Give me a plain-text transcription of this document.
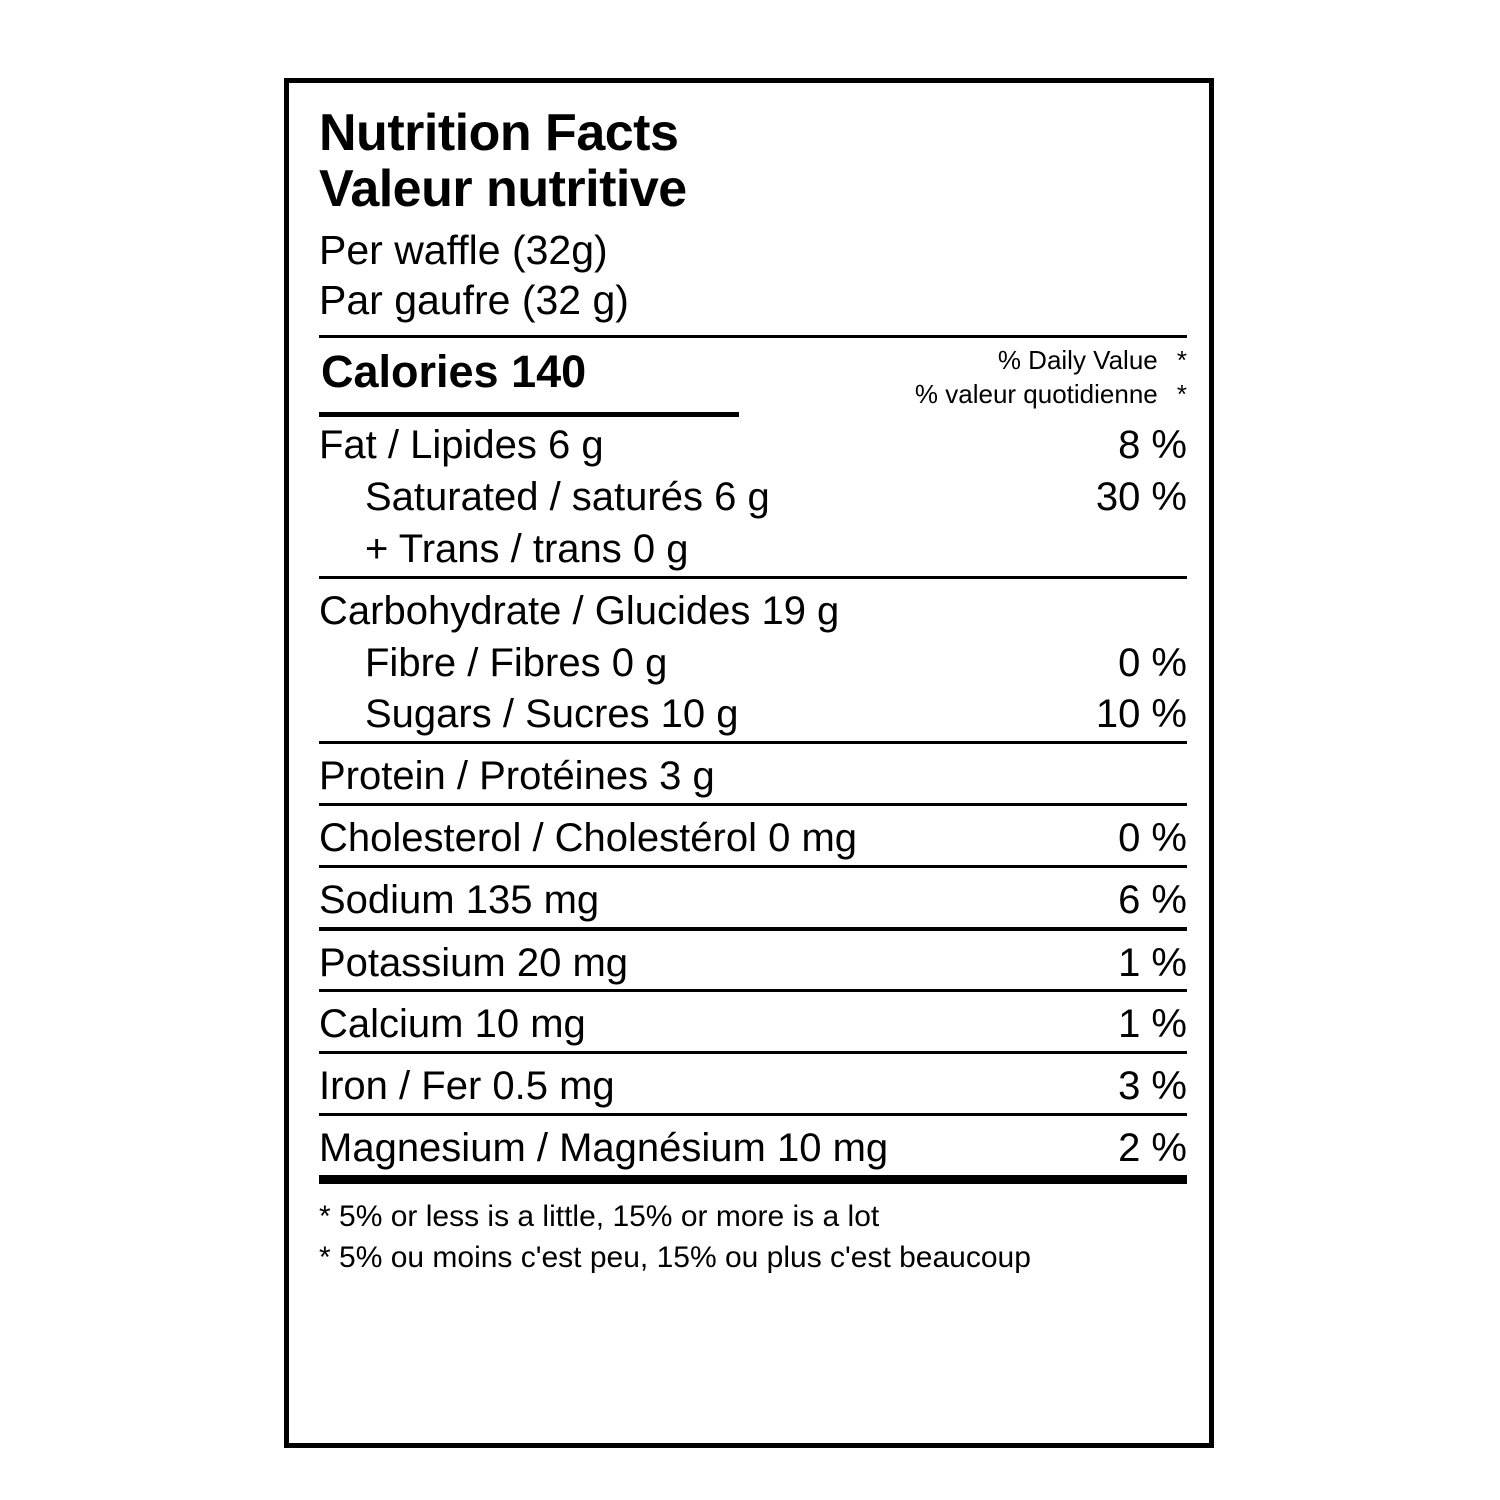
Nutrition Facts
Valeur nutritive
Per waffle (32g)
Par gaufre (32 g)
Calories 140	% Daily Value *
% valeur quotidienne *
Fat / Lipides 6 g	8 %
Saturated / saturés 6 g	30 %
+ Trans / trans 0 g	
Carbohydrate / Glucides 19 g	
Fibre / Fibres 0 g	0 %
Sugars / Sucres 10 g	10 %
Protein / Protéines 3 g	
Cholesterol / Cholestérol 0 mg	0 %
Sodium 135 mg	6 %
Potassium 20 mg	1 %
Calcium 10 mg	1 %
Iron / Fer 0.5 mg	3 %
Magnesium / Magnésium 10 mg	2 %
* 5% or less is a little, 15% or more is a lot
* 5% ou moins c'est peu, 15% ou plus c'est beaucoup
